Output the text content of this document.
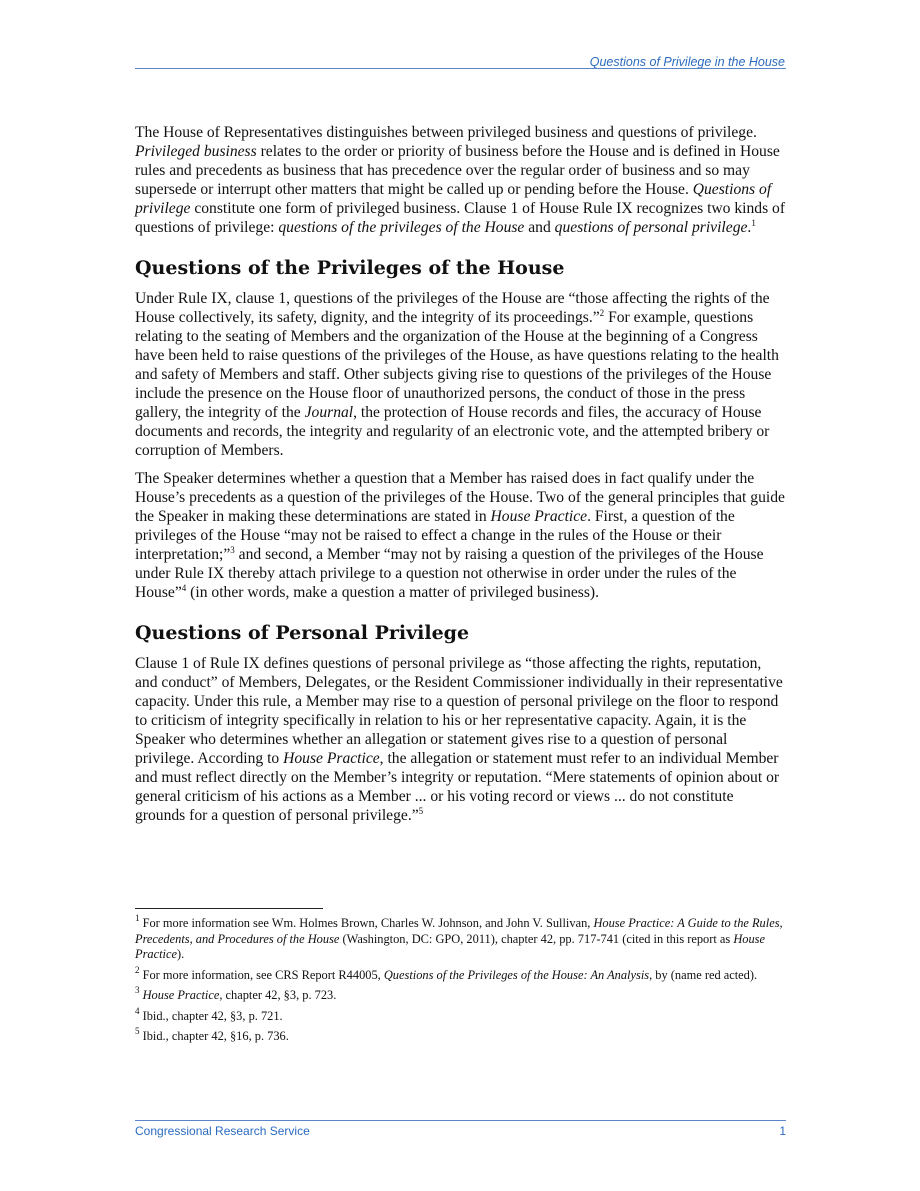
Questions of Privilege in the House

The House of Representatives distinguishes between privileged business and questions of privilege. Privileged business relates to the order or priority of business before the House and is defined in House rules and precedents as business that has precedence over the regular order of business and so may supersede or interrupt other matters that might be called up or pending before the House. Questions of privilege constitute one form of privileged business. Clause 1 of House Rule IX recognizes two kinds of questions of privilege: questions of the privileges of the House and questions of personal privilege.$^1$

Questions of the Privileges of the House

Under Rule IX, clause 1, questions of the privileges of the House are “those affecting the rights of the House collectively, its safety, dignity, and the integrity of its proceedings.”$^2$ For example, questions relating to the seating of Members and the organization of the House at the beginning of a Congress have been held to raise questions of the privileges of the House, as have questions relating to the health and safety of Members and staff. Other subjects giving rise to questions of the privileges of the House include the presence on the House floor of unauthorized persons, the conduct of those in the press gallery, the integrity of the Journal, the protection of House records and files, the accuracy of House documents and records, the integrity and regularity of an electronic vote, and the attempted bribery or corruption of Members.

The Speaker determines whether a question that a Member has raised does in fact qualify under the House’s precedents as a question of the privileges of the House. Two of the general principles that guide the Speaker in making these determinations are stated in House Practice. First, a question of the privileges of the House “may not be raised to effect a change in the rules of the House or their interpretation;”$^3$ and second, a Member “may not by raising a question of the privileges of the House under Rule IX thereby attach privilege to a question not otherwise in order under the rules of the House”$^4$ (in other words, make a question a matter of privileged business).

Questions of Personal Privilege

Clause 1 of Rule IX defines questions of personal privilege as “those affecting the rights, reputation, and conduct” of Members, Delegates, or the Resident Commissioner individually in their representative capacity. Under this rule, a Member may rise to a question of personal privilege on the floor to respond to criticism of integrity specifically in relation to his or her representative capacity. Again, it is the Speaker who determines whether an allegation or statement gives rise to a question of personal privilege. According to House Practice, the allegation or statement must refer to an individual Member and must reflect directly on the Member’s integrity or reputation. “Mere statements of opinion about or general criticism of his actions as a Member ... or his voting record or views ... do not constitute grounds for a question of personal privilege.”$^5$

$^1$ For more information see Wm. Holmes Brown, Charles W. Johnson, and John V. Sullivan, House Practice: A Guide to the Rules, Precedents, and Procedures of the House (Washington, DC: GPO, 2011), chapter 42, pp. 717-741 (cited in this report as House Practice).
$^2$ For more information, see CRS Report R44005, Questions of the Privileges of the House: An Analysis, by (name red acted).
$^3$ House Practice, chapter 42, §3, p. 723.
$^4$ Ibid., chapter 42, §3, p. 721.
$^5$ Ibid., chapter 42, §16, p. 736.
Congressional Research Service	1
